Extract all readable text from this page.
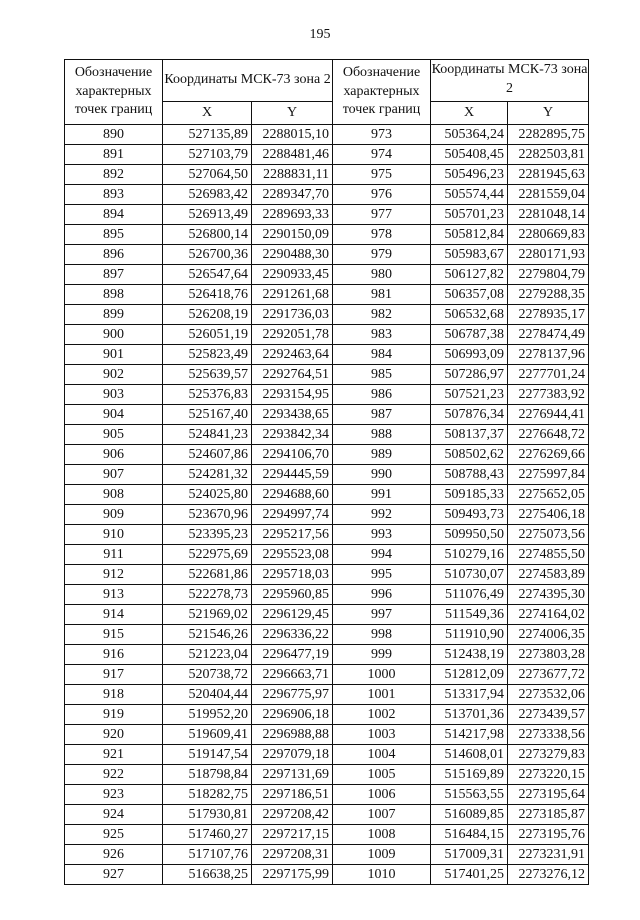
195
Обозначение характерных точек границ	Координаты МСК-73 зона 2		Обозначение характерных точек границ	Координаты МСК-73 зона 2	
	X	Y		X	Y
890	527135,89	2288015,10	973	505364,24	2282895,75
891	527103,79	2288481,46	974	505408,45	2282503,81
892	527064,50	2288831,11	975	505496,23	2281945,63
893	526983,42	2289347,70	976	505574,44	2281559,04
894	526913,49	2289693,33	977	505701,23	2281048,14
895	526800,14	2290150,09	978	505812,84	2280669,83
896	526700,36	2290488,30	979	505983,67	2280171,93
897	526547,64	2290933,45	980	506127,82	2279804,79
898	526418,76	2291261,68	981	506357,08	2279288,35
899	526208,19	2291736,03	982	506532,68	2278935,17
900	526051,19	2292051,78	983	506787,38	2278474,49
901	525823,49	2292463,64	984	506993,09	2278137,96
902	525639,57	2292764,51	985	507286,97	2277701,24
903	525376,83	2293154,95	986	507521,23	2277383,92
904	525167,40	2293438,65	987	507876,34	2276944,41
905	524841,23	2293842,34	988	508137,37	2276648,72
906	524607,86	2294106,70	989	508502,62	2276269,66
907	524281,32	2294445,59	990	508788,43	2275997,84
908	524025,80	2294688,60	991	509185,33	2275652,05
909	523670,96	2294997,74	992	509493,73	2275406,18
910	523395,23	2295217,56	993	509950,50	2275073,56
911	522975,69	2295523,08	994	510279,16	2274855,50
912	522681,86	2295718,03	995	510730,07	2274583,89
913	522278,73	2295960,85	996	511076,49	2274395,30
914	521969,02	2296129,45	997	511549,36	2274164,02
915	521546,26	2296336,22	998	511910,90	2274006,35
916	521223,04	2296477,19	999	512438,19	2273803,28
917	520738,72	2296663,71	1000	512812,09	2273677,72
918	520404,44	2296775,97	1001	513317,94	2273532,06
919	519952,20	2296906,18	1002	513701,36	2273439,57
920	519609,41	2296988,88	1003	514217,98	2273338,56
921	519147,54	2297079,18	1004	514608,01	2273279,83
922	518798,84	2297131,69	1005	515169,89	2273220,15
923	518282,75	2297186,51	1006	515563,55	2273195,64
924	517930,81	2297208,42	1007	516089,85	2273185,87
925	517460,27	2297217,15	1008	516484,15	2273195,76
926	517107,76	2297208,31	1009	517009,31	2273231,91
927	516638,25	2297175,99	1010	517401,25	2273276,12
